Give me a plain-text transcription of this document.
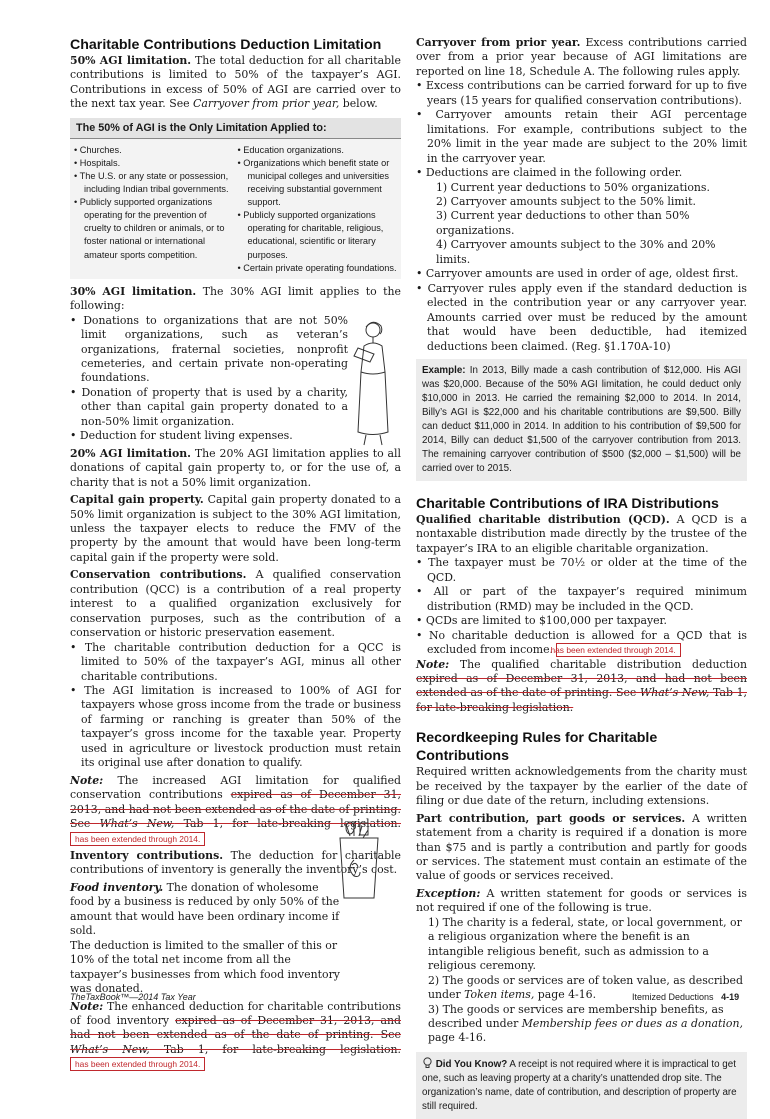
Charitable Contributions Deduction Limitation

50% AGI limitation. The total deduction for all charitable contributions is limited to 50% of the taxpayer’s AGI. Contributions in excess of 50% of AGI are carried over to the next tax year. See Carryover from prior year, below.

The 50% of AGI is the Only Limitation Applied to:
• Churches.
• Hospitals.
• The U.S. or any state or possession, including Indian tribal governments.
• Publicly supported organizations operating for the prevention of cruelty to children or animals, or to foster national or international amateur sports competition.
• Education organizations.
• Organizations which benefit state or municipal colleges and universities receiving substantial government support.
• Publicly supported organizations operating for charitable, religious, educational, scientific or literary purposes.
• Certain private operating foundations.

30% AGI limitation. The 30% AGI limit applies to the following:

• Donations to organizations that are not 50% limit organizations, such as veteran’s organizations, fraternal societies, nonprofit cemeteries, and certain private non-operating foundations.
• Donation of property that is used by a charity, other than capital gain property donated to a non-50% limit organization.
• Deduction for student living expenses.

20% AGI limitation. The 20% AGI limitation applies to all donations of capital gain property to, or for the use of, a charity that is not a 50% limit organization.

Capital gain property. Capital gain property donated to a 50% limit organization is subject to the 30% AGI limitation, unless the taxpayer elects to reduce the FMV of the property by the amount that would have been long-term capital gain if the property were sold.

Conservation contributions. A qualified conservation contribution (QCC) is a contribution of a real property interest to a qualified organization exclusively for conservation purposes, such as the contribution of a conservation or historic preservation easement.

• The charitable contribution deduction for a QCC is limited to 50% of the taxpayer’s AGI, minus all other charitable contributions.
• The AGI limitation is increased to 100% of AGI for taxpayers whose gross income from the trade or business of farming or ranching is greater than 50% of the taxpayer’s gross income for the taxable year. Property used in agriculture or livestock production must retain its original use after donation to qualify.

Note: The increased AGI limitation for qualified conservation contributions expired as of December 31, 2013, and had not been extended as of the date of printing. See What’s New, Tab 1, for late-breaking legislation. has been extended through 2014.

Inventory contributions. The deduction for charitable contributions of inventory is generally the inventory’s cost.

Food inventory. The donation of wholesome food by a business is reduced by only 50% of the amount that would have been ordinary income if sold.

The deduction is limited to the smaller of this or 10% of the total net income from all the taxpayer’s businesses from which food inventory was donated.

Note: The enhanced deduction for charitable contributions of food inventory expired as of December 31, 2013, and had not been extended as of the date of printing. See What’s New, Tab 1, for late-breaking legislation. has been extended through 2014.

Carryover from prior year. Excess contributions carried over from a prior year because of AGI limitations are reported on line 18, Schedule A. The following rules apply.

• Excess contributions can be carried forward for up to five years (15 years for qualified conservation contributions).
• Carryover amounts retain their AGI percentage limitations. For example, contributions subject to the 20% limit in the year made are subject to the 20% limit in the carryover year.
• Deductions are claimed in the following order.
1) Current year deductions to 50% organizations.
2) Carryover amounts subject to the 50% limit.
3) Current year deductions to other than 50% organizations.
4) Carryover amounts subject to the 30% and 20% limits.
• Carryover amounts are used in order of age, oldest first.
• Carryover rules apply even if the standard deduction is elected in the contribution year or any carryover year. Amounts carried over must be reduced by the amount that would have been deductible, had itemized deductions been claimed. (Reg. §1.170A-10)
Example: In 2013, Billy made a cash contribution of $12,000. His AGI was $20,000. Because of the 50% AGI limitation, he could deduct only $10,000 in 2013. He carried the remaining $2,000 to 2014. In 2014, Billy’s AGI is $22,000 and his charitable contributions are $9,500. Billy can deduct $11,000 in 2014. In addition to his contribution of $9,500 for 2014, Billy can deduct $1,500 of the carryover contribution from 2013. The remaining carryover contribution of $500 ($2,000 – $1,500) will be carried over to 2015.
Charitable Contributions of IRA Distributions

Qualified charitable distribution (QCD). A QCD is a nontaxable distribution made directly by the trustee of the taxpayer’s IRA to an eligible charitable organization.

• The taxpayer must be 70½ or older at the time of the QCD.
• All or part of the taxpayer’s required minimum distribution (RMD) may be included in the QCD.
• QCDs are limited to $100,000 per taxpayer.
• No charitable deduction is allowed for a QCD that is excluded from income. has been extended through 2014.

Note: The qualified charitable distribution deduction expired as of December 31, 2013, and had not been extended as of the date of printing. See What’s New, Tab 1, for late-breaking legislation.

Recordkeeping Rules for Charitable Contributions

Required written acknowledgements from the charity must be received by the taxpayer by the earlier of the date of filing or due date of the return, including extensions.

Part contribution, part goods or services. A written statement from a charity is required if a donation is more than $75 and is partly a contribution and partly for goods or services. The statement must contain an estimate of the value of goods or services received.

Exception: A written statement for goods or services is not required if one of the following is true.

1) The charity is a federal, state, or local government, or a religious organization where the benefit is an intangible religious benefit, such as admission to a religious ceremony.
2) The goods or services are of token value, as described under Token items, page 4-16.
3) The goods or services are membership benefits, as described under Membership fees or dues as a donation, page 4-16.
Did You Know? A receipt is not required where it is impractical to get one, such as leaving property at a charity’s unattended drop site. The organization’s name, date of contribution, and description of property are still required.
TheTaxBook™—2014 Tax Year	Itemized Deductions 4-19
